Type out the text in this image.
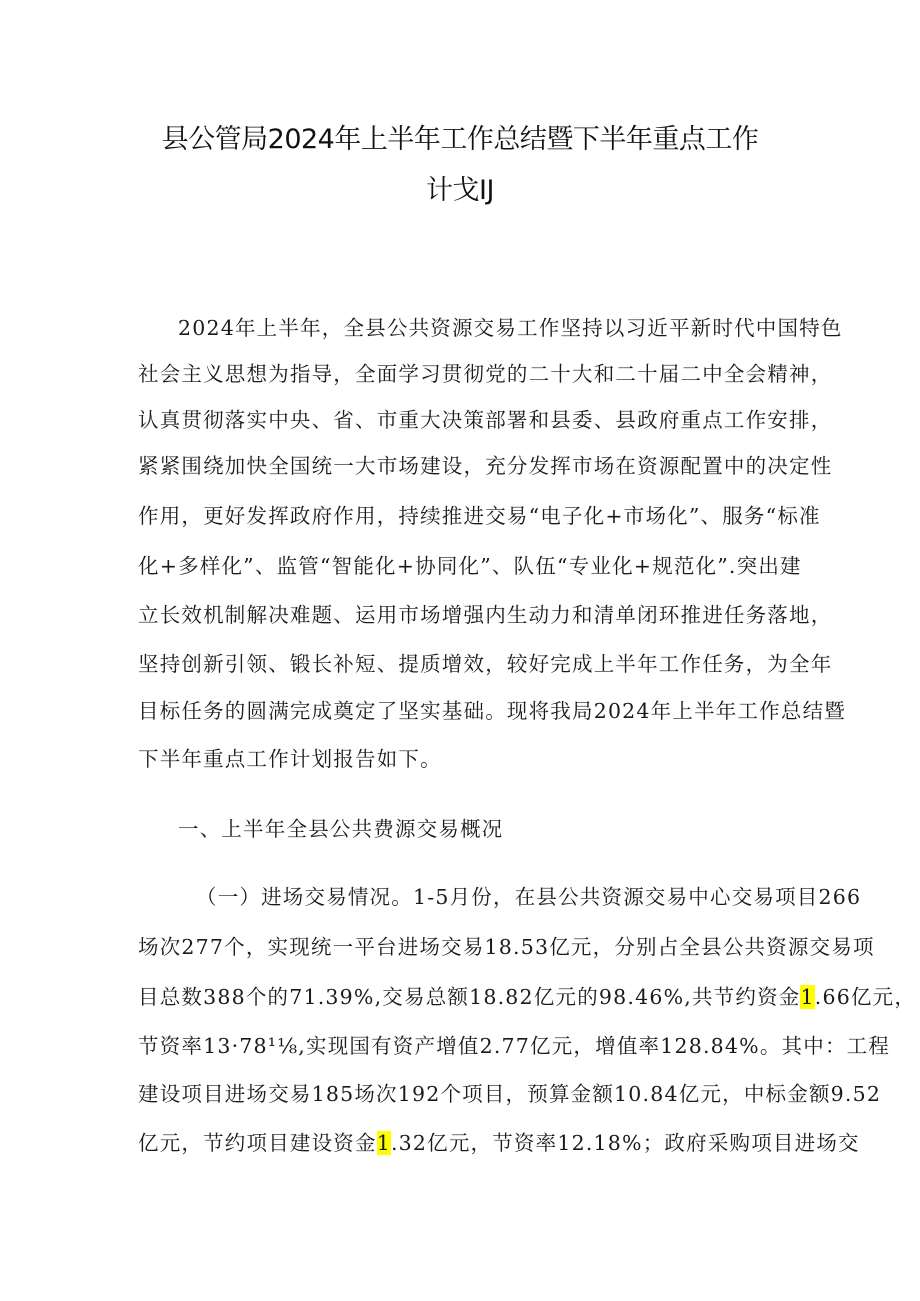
县公管局2024年上半年工作总结暨下半年重点工作
计戈IJ
2024年上半年，全县公共资源交易工作坚持以习近平新时代中国特色
社会主义思想为指导，全面学习贯彻党的二十大和二十届二中全会精神，
认真贯彻落实中央、省、市重大决策部署和县委、县政府重点工作安排，
紧紧围绕加快全国统一大市场建设，充分发挥市场在资源配置中的决定性
作用，更好发挥政府作用，持续推进交易“电子化+市场化”、服务“标准
化+多样化”、监管“智能化+协同化”、队伍“专业化+规范化”.突出建
立长效机制解决难题、运用市场增强内生动力和清单闭环推进任务落地，
坚持创新引领、锻长补短、提质增效，较好完成上半年工作任务，为全年
目标任务的圆满完成奠定了坚实基础。现将我局2024年上半年工作总结暨
下半年重点工作计划报告如下。
一、上半年全县公共费源交易概况
（一）进场交易情况。1-5月份，在县公共资源交易中心交易项目266
场次277个，实现统一平台进场交易18.53亿元，分别占全县公共资源交易项
目总数388个的71.39%,交易总额18.82亿元的98.46%,共节约资金1.66亿元，
节资率13·78¹⅛,实现国有资产增值2.77亿元，增值率128.84%。其中：工程
建设项目进场交易185场次192个项目，预算金额10.84亿元，中标金额9.52
亿元，节约项目建设资金1.32亿元，节资率12.18%；政府采购项目进场交
